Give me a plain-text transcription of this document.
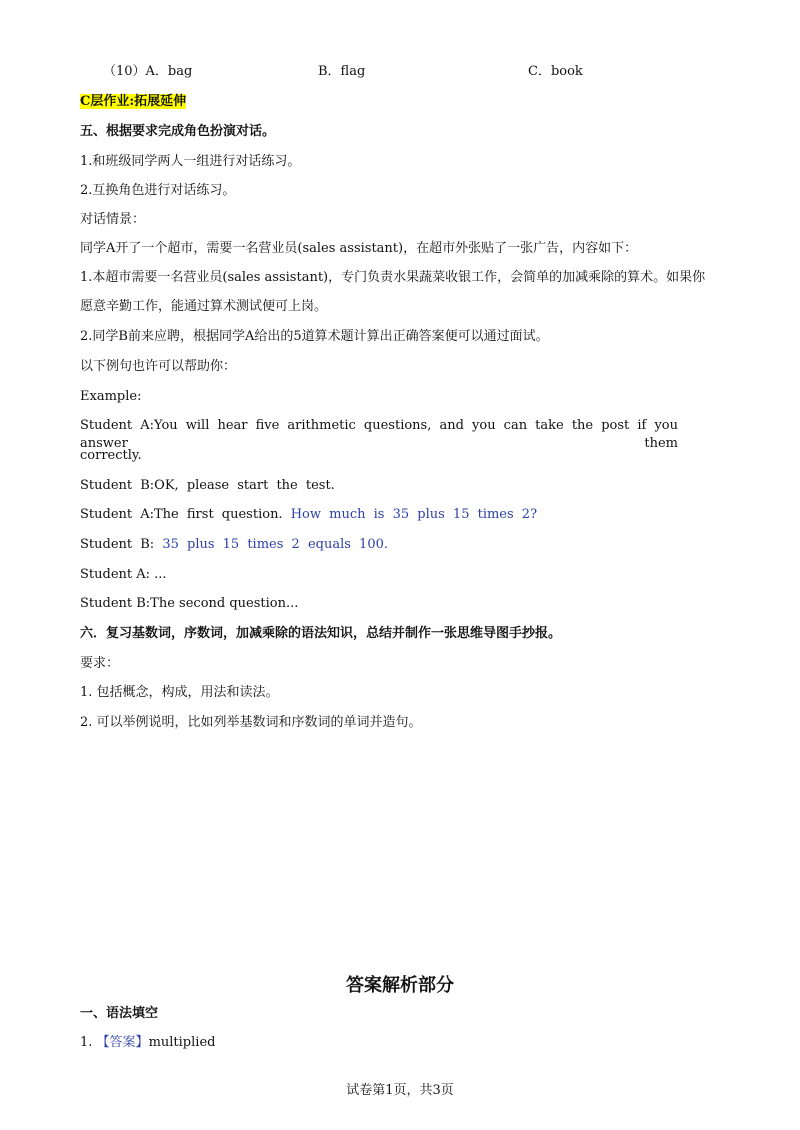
（10）A．bag	B．flag	C．book
C层作业:拓展延伸
五、根据要求完成角色扮演对话。
1.和班级同学两人一组进行对话练习。
2.互换角色进行对话练习。
对话情景：
同学A开了一个超市，需要一名营业员(sales assistant)，在超市外张贴了一张广告，内容如下：
1.本超市需要一名营业员(sales assistant)，专门负责水果蔬菜收银工作，会简单的加减乘除的算术。如果你
愿意辛勤工作，能通过算术测试便可上岗。
2.同学B前来应聘，根据同学A给出的5道算术题计算出正确答案便可以通过面试。
以下例句也许可以帮助你：
Example:
Student A:You will hear five arithmetic questions, and you can take the post if you answer them
correctly.
Student B:OK, please start the test.
Student A:The first question. How much is 35 plus 15 times 2?
Student B: 35 plus 15 times 2 equals 100.
Student A: ...
Student B:The second question...
六．复习基数词，序数词，加减乘除的语法知识，总结并制作一张思维导图手抄报。
要求：
1. 包括概念，构成，用法和读法。
2. 可以举例说明，比如列举基数词和序数词的单词并造句。
答案解析部分
一、语法填空
1. 【答案】multiplied
试卷第1页，共3页
